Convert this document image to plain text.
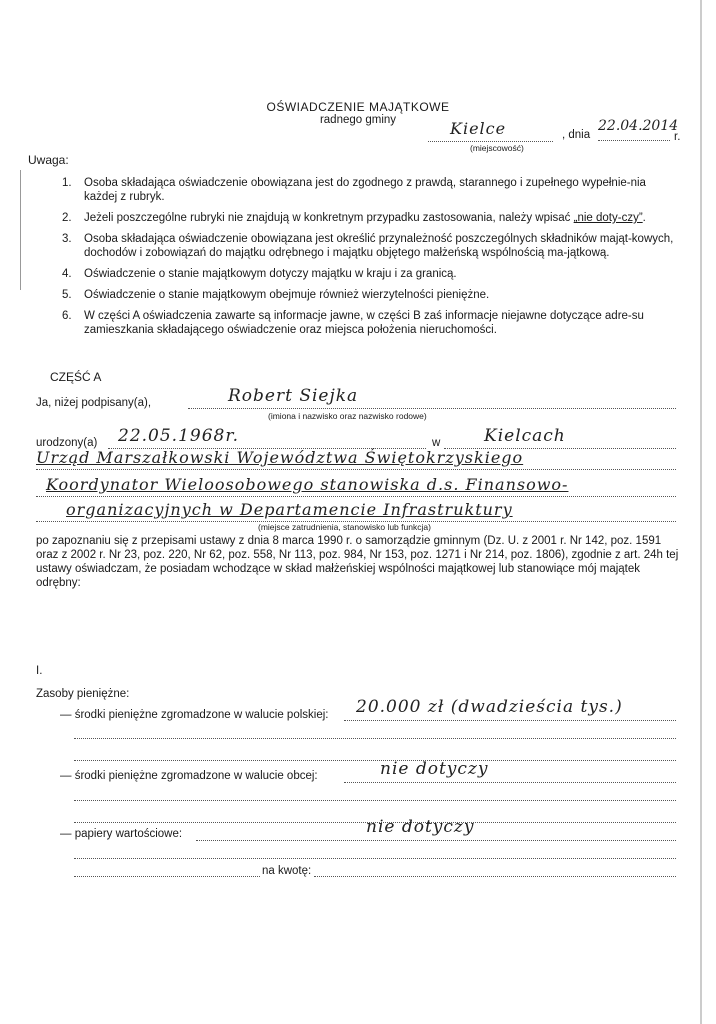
OŚWIADCZENIE MAJĄTKOWE
radnego gminy	Kielce
(miejscowość)
, dnia
22.04.2014
r.
Uwaga:
1. Osoba składająca oświadczenie obowiązana jest do zgodnego z prawdą, starannego i zupełnego wypełnie-nia każdej z rubryk.
2. Jeżeli poszczególne rubryki nie znajdują w konkretnym przypadku zastosowania, należy wpisać „nie doty-czy”.
3. Osoba składająca oświadczenie obowiązana jest określić przynależność poszczególnych składników mająt-kowych, dochodów i zobowiązań do majątku odrębnego i majątku objętego małżeńską wspólnością ma-jątkową.
4. Oświadczenie o stanie majątkowym dotyczy majątku w kraju i za granicą.
5. Oświadczenie o stanie majątkowym obejmuje również wierzytelności pieniężne.
6. W części A oświadczenia zawarte są informacje jawne, w części B zaś informacje niejawne dotyczące adre-su zamieszkania składającego oświadczenie oraz miejsca położenia nieruchomości.
CZĘŚĆ A
Ja, niżej podpisany(a),	Robert Siejka
(imiona i nazwisko oraz nazwisko rodowe)
urodzony(a) 22.05.1968r.	w	Kielcach
Urząd Marszałkowski Województwa Świętokrzyskiego
Koordynator Wieloosobowego stanowiska d.s. Finansowo-
organizacyjnych w Departamencie Infrastruktury
(miejsce zatrudnienia, stanowisko lub funkcja)
po zapoznaniu się z przepisami ustawy z dnia 8 marca 1990 r. o samorządzie gminnym (Dz. U. z 2001 r. Nr 142, poz. 1591 oraz z 2002 r. Nr 23, poz. 220, Nr 62, poz. 558, Nr 113, poz. 984, Nr 153, poz. 1271 i Nr 214, poz. 1806), zgodnie z art. 24h tej ustawy oświadczam, że posiadam wchodzące w skład małżeńskiej wspólności majątkowej lub stanowiące mój majątek odrębny:
I.
Zasoby pieniężne:
— środki pieniężne zgromadzone w walucie polskiej: 20.000 zł (dwadzieścia tys.)
— środki pieniężne zgromadzone w walucie obcej:	nie dotyczy
— papiery wartościowe:	nie dotyczy
na kwotę:
